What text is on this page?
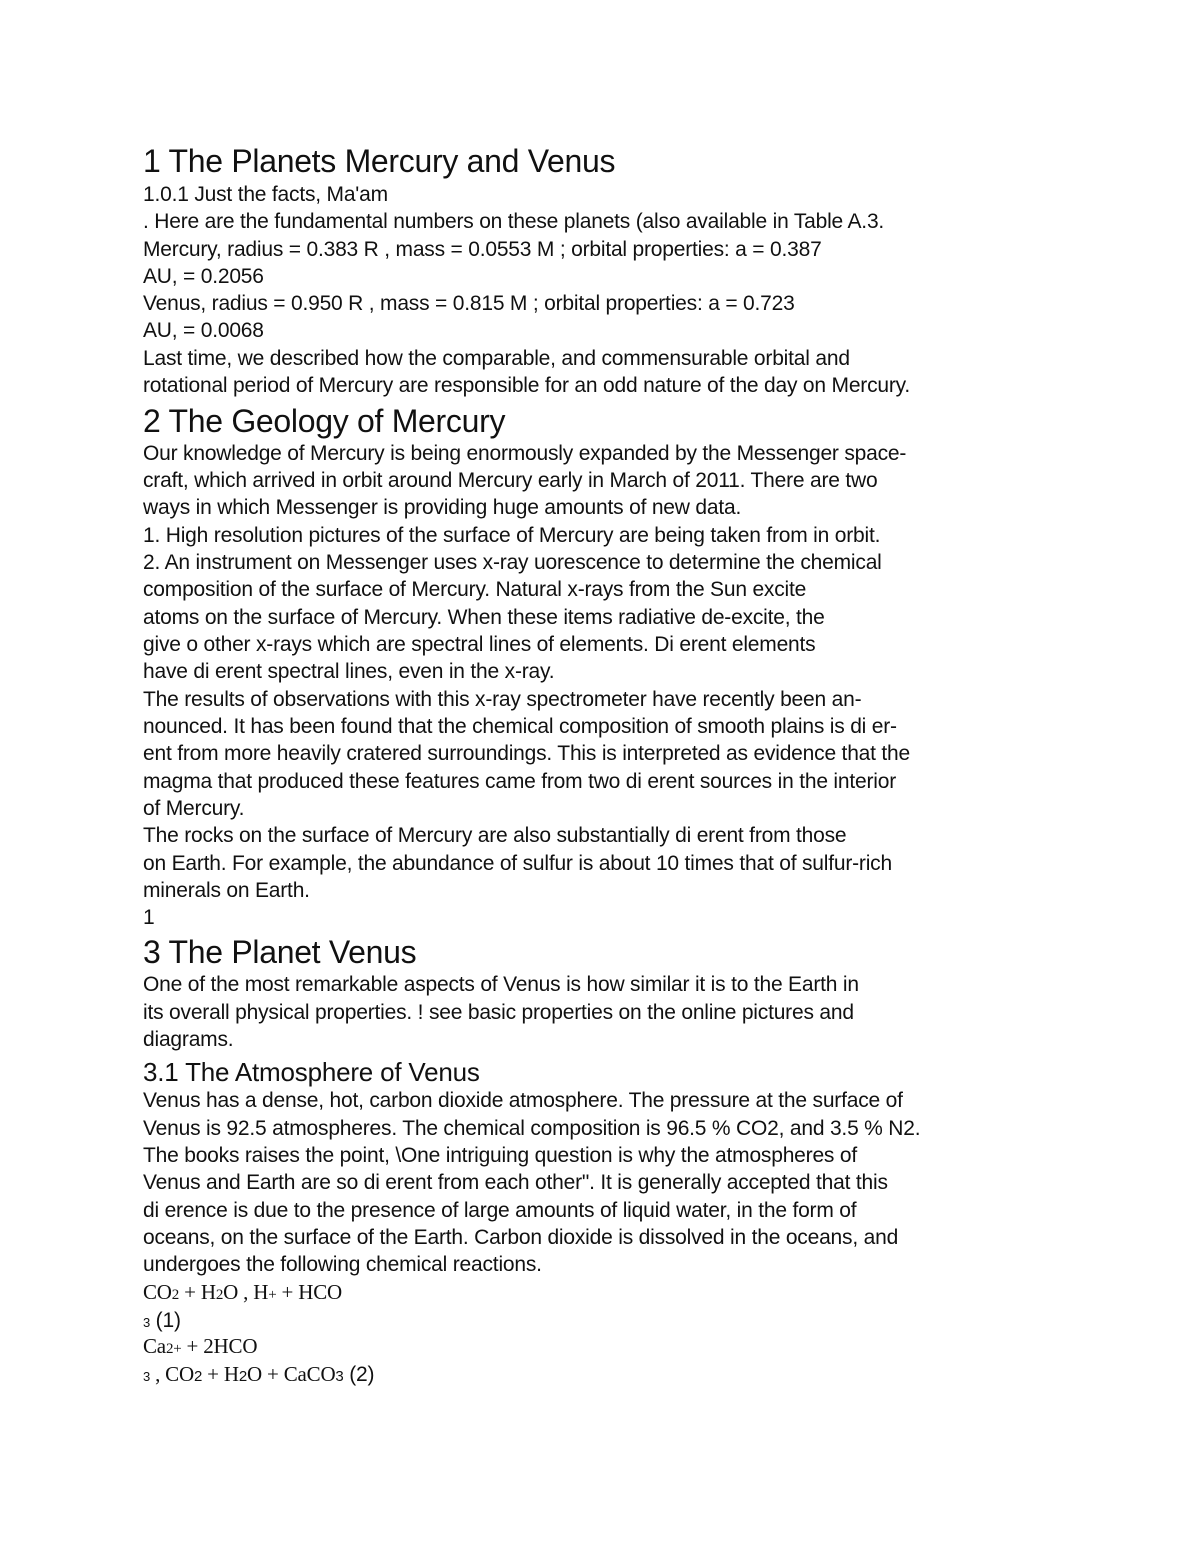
1 The Planets Mercury and Venus
1.0.1 Just the facts, Ma'am
. Here are the fundamental numbers on these planets (also available in Table A.3.
Mercury, radius = 0.383 R , mass = 0.0553 M ; orbital properties: a = 0.387
AU, = 0.2056
Venus, radius = 0.950 R , mass = 0.815 M ; orbital properties: a = 0.723
AU, = 0.0068
Last time, we described how the comparable, and commensurable orbital and
rotational period of Mercury are responsible for an odd nature of the day on Mercury.
2 The Geology of Mercury
Our knowledge of Mercury is being enormously expanded by the Messenger space-
craft, which arrived in orbit around Mercury early in March of 2011. There are two
ways in which Messenger is providing huge amounts of new data.
1. High resolution pictures of the surface of Mercury are being taken from in orbit.
2. An instrument on Messenger uses x-ray uorescence to determine the chemical
composition of the surface of Mercury. Natural x-rays from the Sun excite
atoms on the surface of Mercury. When these items radiative de-excite, the
give o other x-rays which are spectral lines of elements. Di erent elements
have di erent spectral lines, even in the x-ray.
The results of observations with this x-ray spectrometer have recently been an-
nounced. It has been found that the chemical composition of smooth plains is di er-
ent from more heavily cratered surroundings. This is interpreted as evidence that the
magma that produced these features came from two di erent sources in the interior
of Mercury.
The rocks on the surface of Mercury are also substantially di erent from those
on Earth. For example, the abundance of sulfur is about 10 times that of sulfur-rich
minerals on Earth.
1
3 The Planet Venus
One of the most remarkable aspects of Venus is how similar it is to the Earth in
its overall physical properties. ! see basic properties on the online pictures and
diagrams.
3.1 The Atmosphere of Venus
Venus has a dense, hot, carbon dioxide atmosphere. The pressure at the surface of
Venus is 92.5 atmospheres. The chemical composition is 96.5 % CO2, and 3.5 % N2.
The books raises the point, \One intriguing question is why the atmospheres of
Venus and Earth are so di erent from each other". It is generally accepted that this
di erence is due to the presence of large amounts of liquid water, in the form of
oceans, on the surface of the Earth. Carbon dioxide is dissolved in the oceans, and
undergoes the following chemical reactions.
CO2 + H2O , H+ + HCO
3 (1)
Ca2+ + 2HCO
3 , CO2 + H2O + CaCO3 (2)
